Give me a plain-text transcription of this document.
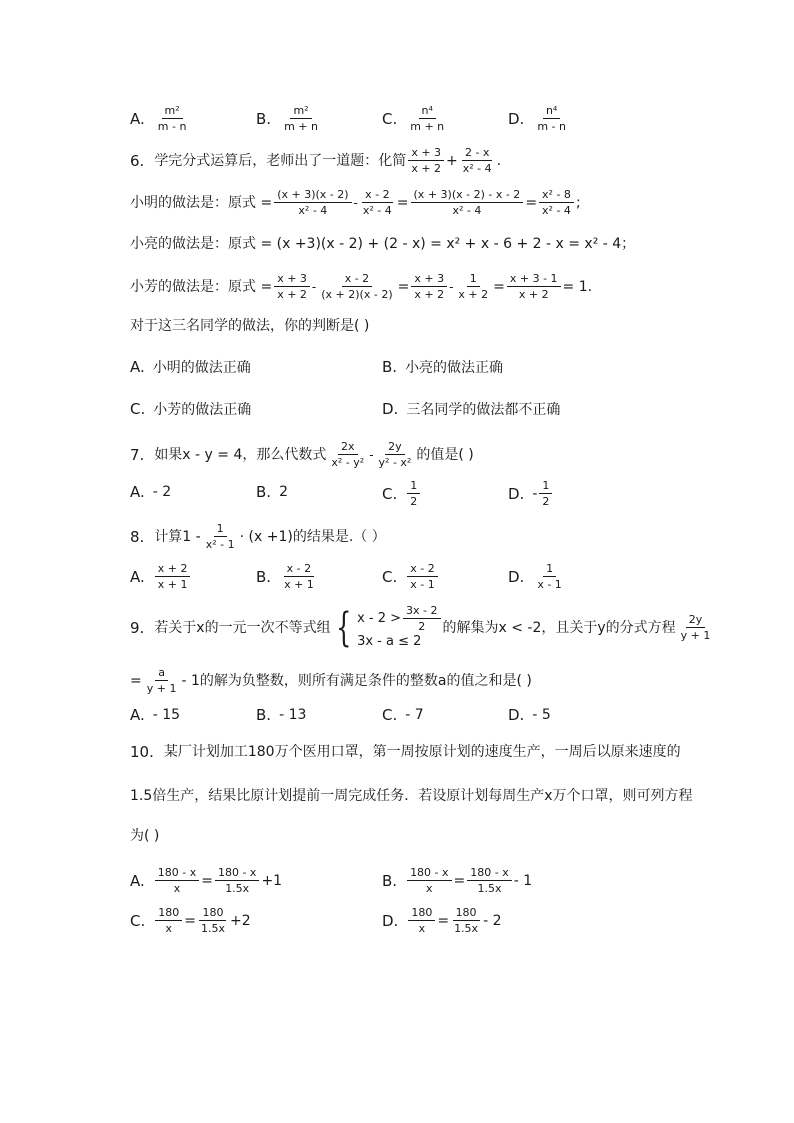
A. $\frac{\text{m²}}{m - n}$	B. $\frac{\text{m²}}{m + n}$	C. $\frac{\text{n⁴}}{m + n}$	D. $\frac{\text{n⁴}}{m - n}$
6. 学完分式运算后，老师出了一道题：化简 $\frac{x + 3}{x + 2} + \frac{2 - x}{\text{x² - 4}}$ .
小明的做法是：原式 = $\frac{(x + 3)(x - 2)}{\text{x² - 4}} - \frac{x - 2}{\text{x² - 4}} = \frac{(x + 3)(x - 2) - x - 2}{\text{x² - 4}} = \frac{\text{x² - 8}}{\text{x² - 4}}$ ;
小亮的做法是：原式 = (x +3)(x - 2) + (2 - x) = x² + x - 6 + 2 - x = x² - 4；
小芳的做法是：原式 = $\frac{x + 3}{x + 2} - \frac{x - 2}{(x + 2)(x - 2)} = \frac{x + 3}{x + 2} - \frac{1}{x + 2} = \frac{x + 3 - 1}{x + 2} = 1$.
对于这三名同学的做法，你的判断是( )
A. 小明的做法正确	B. 小亮的做法正确
C. 小芳的做法正确	D. 三名同学的做法都不正确
7. 如果x - y = 4，那么代数式 $\frac{2x}{\text{x² - y²}} - \frac{2y}{\text{y² - x²}}$ 的值是( )
A. - 2	B. 2	C. $\frac{1}{2}$	D. - $\frac{1}{2}$
8. 计算$1 - \frac{1}{\text{x² - 1}} \cdot (x +1)$的结果是.（ ）
A. $\frac{x + 2}{x + 1}$	B. $\frac{x - 2}{x + 1}$	C. $\frac{x - 2}{x - 1}$	D. $\frac{1}{x - 1}$
9. 若关于x的一元一次不等式组 { $x - 2 > \frac{3x - 2}{2}$
3x - a ≤ 2
的解集为x < -2，且关于y的分式方程 $\frac{2y}{y + 1}$
= $\frac{a}{y + 1} - 1$的解为负整数，则所有满足条件的整数a的值之和是( )
A. - 15	B. - 13	C. - 7	D. - 5
10. 某厂计划加工180万个医用口罩，第一周按原计划的速度生产，一周后以原来速度的
1.5倍生产，结果比原计划提前一周完成任务．若设原计划每周生产x万个口罩，则可列方程
为( )
A. $\frac{180 - x}{x} = \frac{180 - x}{1.5x} +1$	B. $\frac{180 - x}{x} = \frac{180 - x}{1.5x} - 1$
C. $\frac{180}{x} = \frac{180}{1.5x} +2$	D. $\frac{180}{x} = \frac{180}{1.5x} - 2$
